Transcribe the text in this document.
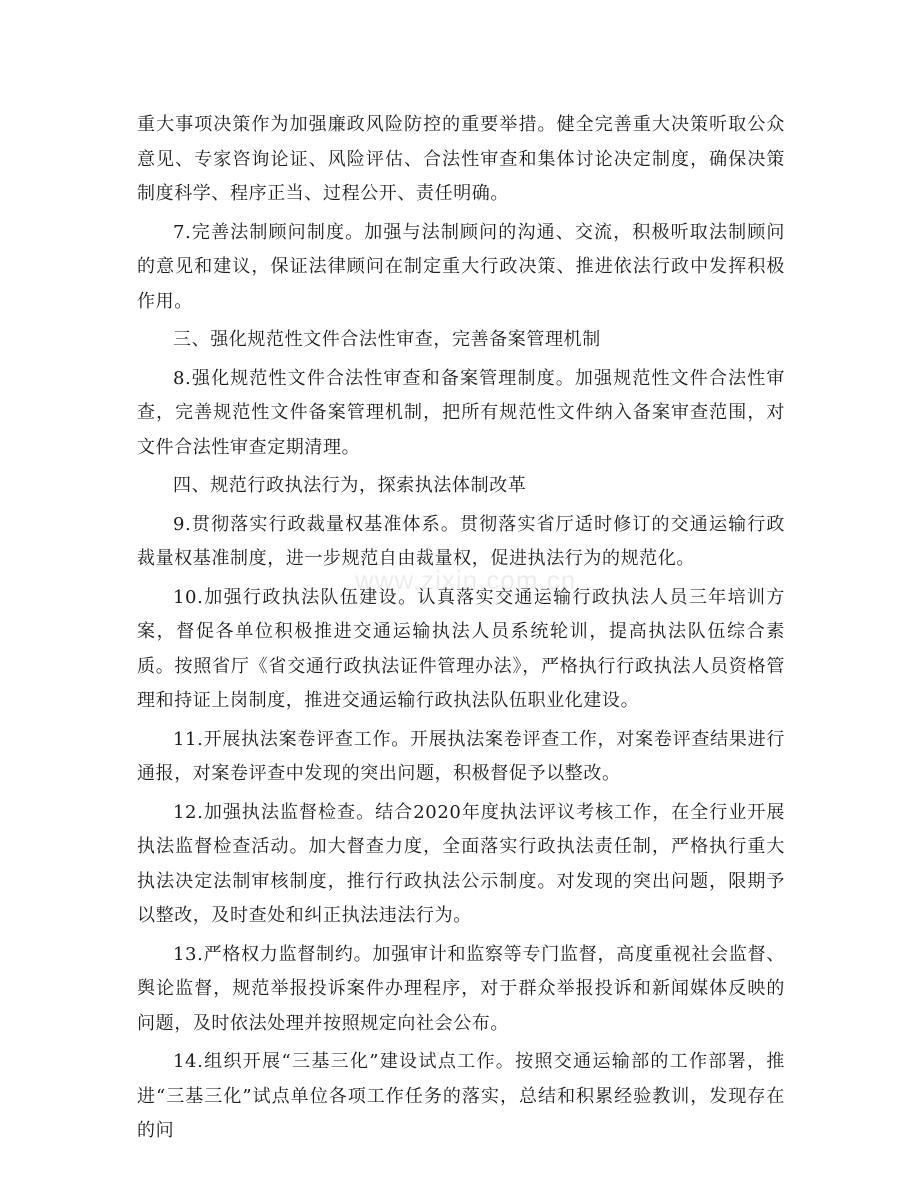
重大事项决策作为加强廉政风险防控的重要举措。健全完善重大决策听取公众意见、专家咨询论证、风险评估、合法性审查和集体讨论决定制度，确保决策制度科学、程序正当、过程公开、责任明确。

7.完善法制顾问制度。加强与法制顾问的沟通、交流，积极听取法制顾问的意见和建议，保证法律顾问在制定重大行政决策、推进依法行政中发挥积极作用。

三、强化规范性文件合法性审查，完善备案管理机制

8.强化规范性文件合法性审查和备案管理制度。加强规范性文件合法性审查，完善规范性文件备案管理机制，把所有规范性文件纳入备案审查范围，对文件合法性审查定期清理。

四、规范行政执法行为，探索执法体制改革

9.贯彻落实行政裁量权基准体系。贯彻落实省厅适时修订的交通运输行政裁量权基准制度，进一步规范自由裁量权，促进执法行为的规范化。

10.加强行政执法队伍建设。认真落实交通运输行政执法人员三年培训方案，督促各单位积极推进交通运输执法人员系统轮训，提高执法队伍综合素质。按照省厅《省交通行政执法证件管理办法》，严格执行行政执法人员资格管理和持证上岗制度，推进交通运输行政执法队伍职业化建设。

11.开展执法案卷评查工作。开展执法案卷评查工作，对案卷评查结果进行通报，对案卷评查中发现的突出问题，积极督促予以整改。

12.加强执法监督检查。结合2020年度执法评议考核工作，在全行业开展执法监督检查活动。加大督查力度，全面落实行政执法责任制，严格执行重大执法决定法制审核制度，推行行政执法公示制度。对发现的突出问题，限期予以整改，及时查处和纠正执法违法行为。

13.严格权力监督制约。加强审计和监察等专门监督，高度重视社会监督、舆论监督，规范举报投诉案件办理程序，对于群众举报投诉和新闻媒体反映的问题，及时依法处理并按照规定向社会公布。

14.组织开展“三基三化”建设试点工作。按照交通运输部的工作部署，推进“三基三化”试点单位各项工作任务的落实，总结和积累经验教训，发现存在的问

www.zixin.com.cn
